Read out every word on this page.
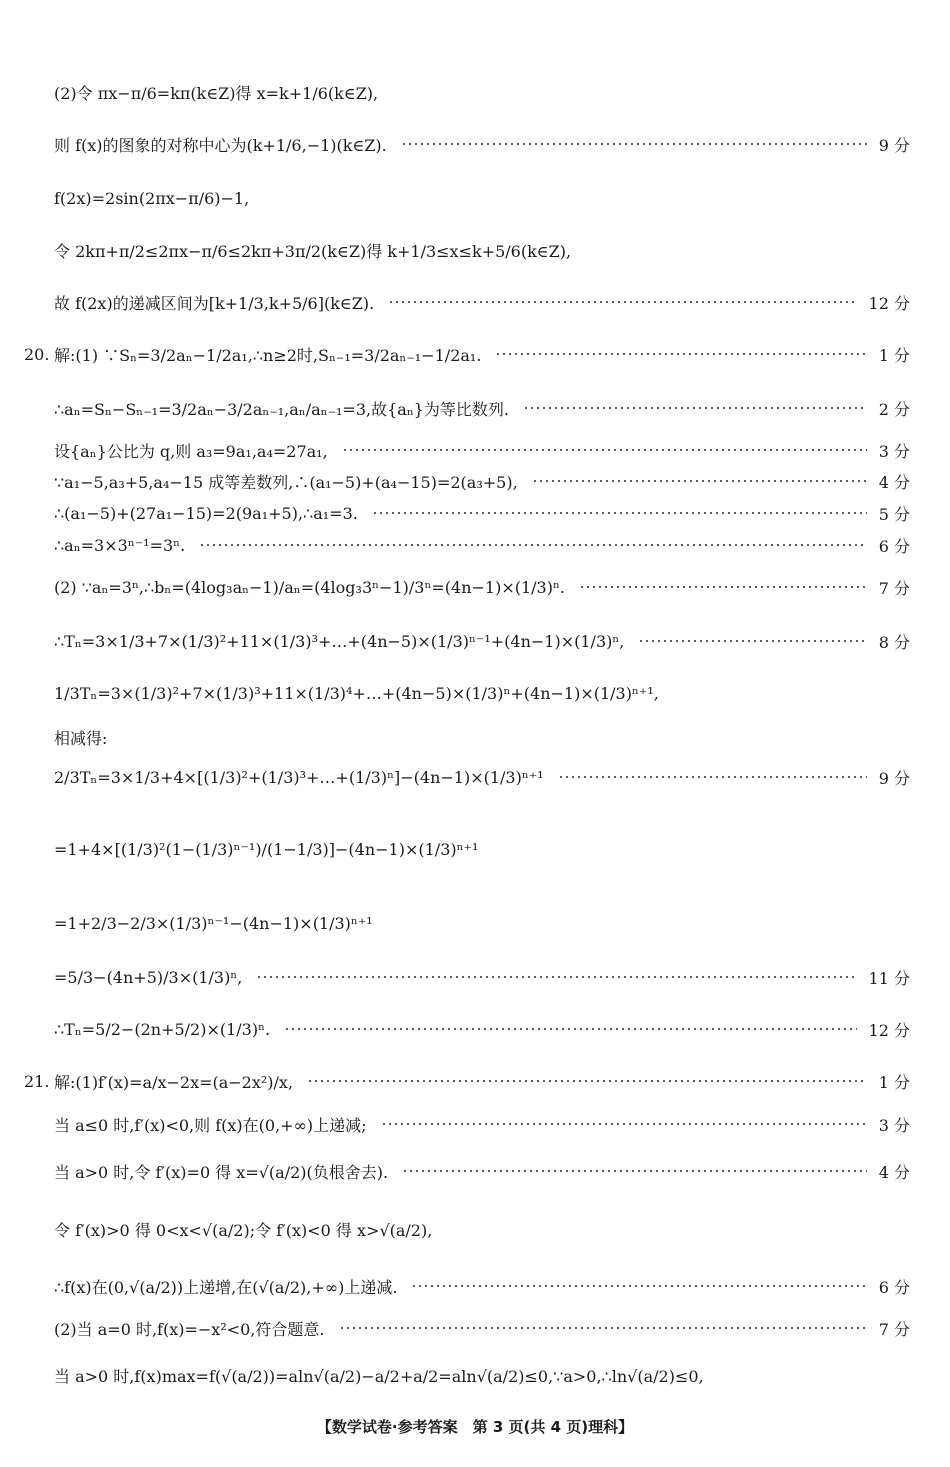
(2)令 πx−π/6=kπ(k∈Z)得 x=k+1/6(k∈Z),
则 f(x)的图象的对称中心为(k+1/6,−1)(k∈Z).	9 分
f(2x)=2sin(2πx−π/6)−1,
令 2kπ+π/2≤2πx−π/6≤2kπ+3π/2(k∈Z)得 k+1/3≤x≤k+5/6(k∈Z),
故 f(2x)的递减区间为[k+1/3,k+5/6](k∈Z).	12 分
20. 解:(1) ∵Sₙ=3/2aₙ−1/2a₁,∴n≥2时,Sₙ₋₁=3/2aₙ₋₁−1/2a₁.	1 分
∴aₙ=Sₙ−Sₙ₋₁=3/2aₙ−3/2aₙ₋₁,aₙ/aₙ₋₁=3,故{aₙ}为等比数列.	2 分
设{aₙ}公比为 q,则 a₃=9a₁,a₄=27a₁,	3 分
∵a₁−5,a₃+5,a₄−15 成等差数列,∴(a₁−5)+(a₄−15)=2(a₃+5),	4 分
∴(a₁−5)+(27a₁−15)=2(9a₁+5),∴a₁=3.	5 分
∴aₙ=3×3ⁿ⁻¹=3ⁿ.	6 分
(2) ∵aₙ=3ⁿ,∴bₙ=(4log₃aₙ−1)/aₙ=(4log₃3ⁿ−1)/3ⁿ=(4n−1)×(1/3)ⁿ.	7 分
∴Tₙ=3×1/3+7×(1/3)²+11×(1/3)³+…+(4n−5)×(1/3)ⁿ⁻¹+(4n−1)×(1/3)ⁿ,	8 分
1/3Tₙ=3×(1/3)²+7×(1/3)³+11×(1/3)⁴+…+(4n−5)×(1/3)ⁿ+(4n−1)×(1/3)ⁿ⁺¹,
相减得:
2/3Tₙ=3×1/3+4×[(1/3)²+(1/3)³+…+(1/3)ⁿ]−(4n−1)×(1/3)ⁿ⁺¹	9 分
=1+4×[(1/3)²(1−(1/3)ⁿ⁻¹)/(1−1/3)]−(4n−1)×(1/3)ⁿ⁺¹
=1+2/3−2/3×(1/3)ⁿ⁻¹−(4n−1)×(1/3)ⁿ⁺¹
=5/3−(4n+5)/3×(1/3)ⁿ,	11 分
∴Tₙ=5/2−(2n+5/2)×(1/3)ⁿ.	12 分
21. 解:(1)f′(x)=a/x−2x=(a−2x²)/x,	1 分
当 a≤0 时,f′(x)<0,则 f(x)在(0,+∞)上递减;	3 分
当 a>0 时,令 f′(x)=0 得 x=√(a/2)(负根舍去).	4 分
令 f′(x)>0 得 0<x<√(a/2);令 f′(x)<0 得 x>√(a/2),
∴f(x)在(0,√(a/2))上递增,在(√(a/2),+∞)上递减.	6 分
(2)当 a=0 时,f(x)=−x²<0,符合题意.	7 分
当 a>0 时,f(x)max=f(√(a/2))=aln√(a/2)−a/2+a/2=aln√(a/2)≤0,∵a>0,∴ln√(a/2)≤0,
【数学试卷·参考答案　第 3 页(共 4 页)理科】
